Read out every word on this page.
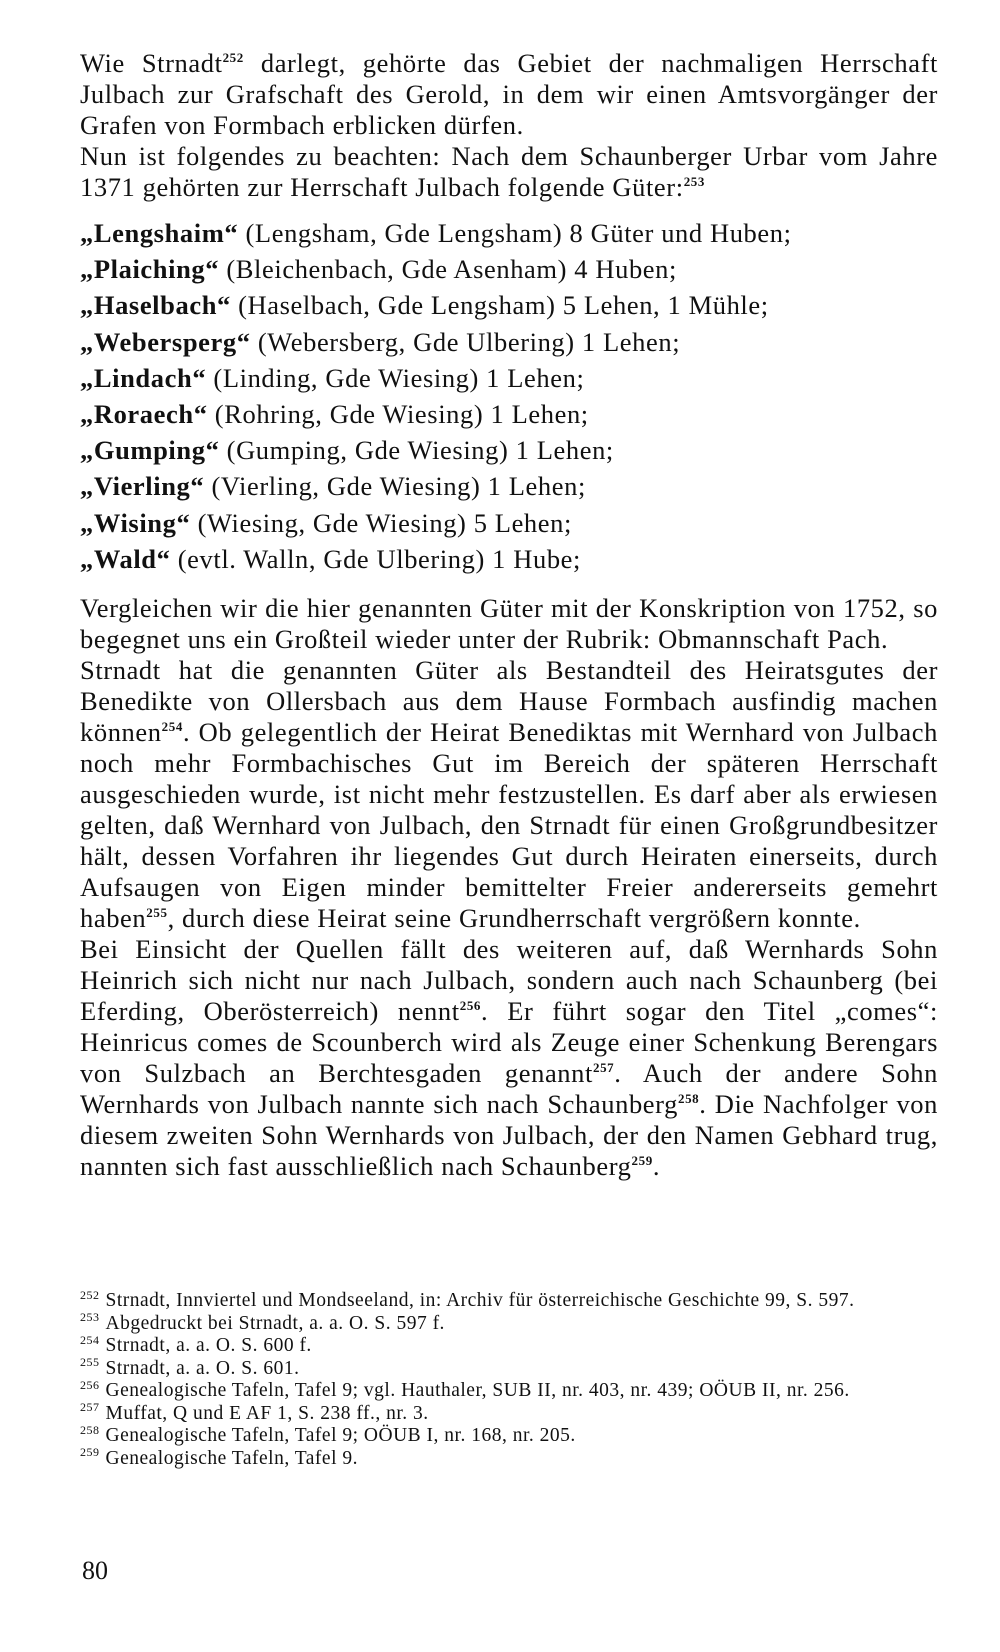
Wie Strnadt$^{252}$ darlegt, gehörte das Gebiet der nachmaligen Herrschaft Julbach zur Grafschaft des Gerold, in dem wir einen Amtsvorgänger der Grafen von Formbach erblicken dürfen.

Nun ist folgendes zu beachten: Nach dem Schaunberger Urbar vom Jahre 1371 gehörten zur Herrschaft Julbach folgende Güter:$^{253}$

„Lengshaim“ (Lengsham, Gde Lengsham) 8 Güter und Huben;
„Plaiching“ (Bleichenbach, Gde Asenham) 4 Huben;
„Haselbach“ (Haselbach, Gde Lengsham) 5 Lehen, 1 Mühle;
„Webersperg“ (Webersberg, Gde Ulbering) 1 Lehen;
„Lindach“ (Linding, Gde Wiesing) 1 Lehen;
„Roraech“ (Rohring, Gde Wiesing) 1 Lehen;
„Gumping“ (Gumping, Gde Wiesing) 1 Lehen;
„Vierling“ (Vierling, Gde Wiesing) 1 Lehen;
„Wising“ (Wiesing, Gde Wiesing) 5 Lehen;
„Wald“ (evtl. Walln, Gde Ulbering) 1 Hube;

Vergleichen wir die hier genannten Güter mit der Konskription von 1752, so begegnet uns ein Großteil wieder unter der Rubrik: Obmannschaft Pach.

Strnadt hat die genannten Güter als Bestandteil des Heiratsgutes der Benedikte von Ollersbach aus dem Hause Formbach ausfindig machen können$^{254}$. Ob gelegentlich der Heirat Benediktas mit Wernhard von Julbach noch mehr Formbachisches Gut im Bereich der späteren Herrschaft ausgeschieden wurde, ist nicht mehr festzustellen. Es darf aber als erwiesen gelten, daß Wernhard von Julbach, den Strnadt für einen Großgrundbesitzer hält, dessen Vorfahren ihr liegendes Gut durch Heiraten einerseits, durch Aufsaugen von Eigen minder bemittelter Freier andererseits gemehrt haben$^{255}$, durch diese Heirat seine Grundherrschaft vergrößern konnte.

Bei Einsicht der Quellen fällt des weiteren auf, daß Wernhards Sohn Heinrich sich nicht nur nach Julbach, sondern auch nach Schaunberg (bei Eferding, Oberösterreich) nennt$^{256}$. Er führt sogar den Titel „comes“: Heinricus comes de Scounberch wird als Zeuge einer Schenkung Berengars von Sulzbach an Berchtesgaden genannt$^{257}$. Auch der andere Sohn Wernhards von Julbach nannte sich nach Schaunberg$^{258}$. Die Nachfolger von diesem zweiten Sohn Wernhards von Julbach, der den Namen Gebhard trug, nannten sich fast ausschließlich nach Schaunberg$^{259}$.

$^{252}$ Strnadt, Innviertel und Mondseeland, in: Archiv für österreichische Geschichte 99, S. 597.

$^{253}$ Abgedruckt bei Strnadt, a. a. O. S. 597 f.

$^{254}$ Strnadt, a. a. O. S. 600 f.

$^{255}$ Strnadt, a. a. O. S. 601.

$^{256}$ Genealogische Tafeln, Tafel 9; vgl. Hauthaler, SUB II, nr. 403, nr. 439; OÖUB II, nr. 256.

$^{257}$ Muffat, Q und E AF 1, S. 238 ff., nr. 3.

$^{258}$ Genealogische Tafeln, Tafel 9; OÖUB I, nr. 168, nr. 205.

$^{259}$ Genealogische Tafeln, Tafel 9.

80
